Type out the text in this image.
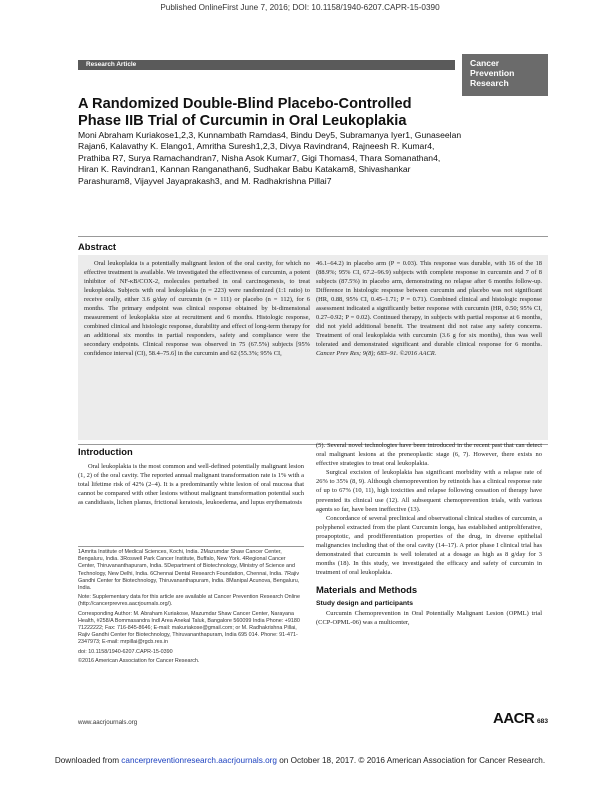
Published OnlineFirst June 7, 2016; DOI: 10.1158/1940-6207.CAPR-15-0390
Research Article	Cancer
Prevention
Research
A Randomized Double-Blind Placebo-Controlled Phase IIB Trial of Curcumin in Oral Leukoplakia
Moni Abraham Kuriakose1,2,3, Kunnambath Ramdas4, Bindu Dey5, Subramanya Iyer1, Gunaseelan Rajan6, Kalavathy K. Elango1, Amritha Suresh1,2,3, Divya Ravindran4, Rajneesh R. Kumar4, Prathiba R7, Surya Ramachandran7, Nisha Asok Kumar7, Gigi Thomas4, Thara Somanathan4, Hiran K. Ravindran1, Kannan Ranganathan6, Sudhakar Babu Katakam8, Shivashankar Parashuram8, Vijayvel Jayaprakash3, and M. Radhakrishna Pillai7
Abstract

Oral leukoplakia is a potentially malignant lesion of the oral cavity, for which no effective treatment is available. We investigated the effectiveness of curcumin, a potent inhibitor of NF-κB/COX-2, molecules perturbed in oral carcinogenesis, to treat leukoplakia. Subjects with oral leukoplakia (n = 223) were randomized (1:1 ratio) to receive orally, either 3.6 g/day of curcumin (n = 111) or placebo (n = 112), for 6 months. The primary endpoint was clinical response obtained by bi-dimensional measurement of leukoplakia size at recruitment and 6 months. Histologic response, combined clinical and histologic response, durability and effect of long-term therapy for an additional six months in partial responders, safety and compliance were the secondary endpoints. Clinical response was observed in 75 (67.5%) subjects [95% confidence interval (CI), 58.4–75.6] in the curcumin and 62 (55.3%; 95% CI,

46.1–64.2) in placebo arm (P = 0.03). This response was durable, with 16 of the 18 (88.9%; 95% CI, 67.2–96.9) subjects with complete response in curcumin and 7 of 8 subjects (87.5%) in placebo arm, demonstrating no relapse after 6 months follow-up. Difference in histologic response between curcumin and placebo was not significant (HR, 0.88, 95% CI, 0.45–1.71; P = 0.71). Combined clinical and histologic response assessment indicated a significantly better response with curcumin (HR, 0.50; 95% CI, 0.27–0.92; P = 0.02). Continued therapy, in subjects with partial response at 6 months, did not yield additional benefit. The treatment did not raise any safety concerns. Treatment of oral leukoplakia with curcumin (3.6 g for six months), thus was well tolerated and demonstrated significant and durable clinical response for 6 months. Cancer Prev Res; 9(8); 683–91. ©2016 AACR.

Introduction

Oral leukoplakia is the most common and well-defined potentially malignant lesion (1, 2) of the oral cavity. The reported annual malignant transformation rate is 1% with a total lifetime risk of 42% (2–4). It is a predominantly white lesion of oral mucosa that cannot be compared with other lesions without malignant transformation potential such as candidiasis, lichen planus, frictional keratosis, leukoedema, and lupus erythematosis

1Amrita Institute of Medical Sciences, Kochi, India. 2Mazumdar Shaw Cancer Center, Bengaluru, India. 3Roswell Park Cancer Institute, Buffalo, New York. 4Regional Cancer Center, Thiruvananthapuram, India. 5Department of Biotechnology, Ministry of Science and Technology, New Delhi, India. 6Chennai Dental Research Foundation, Chennai, India. 7Rajiv Gandhi Center for Biotechnology, Thiruvananthapuram, India. 8Manipal Acunova, Bengaluru, India.

Note: Supplementary data for this article are available at Cancer Prevention Research Online (http://cancerprevres.aacrjournals.org/).

Corresponding Author: M. Abraham Kuriakose, Mazumdar Shaw Cancer Center, Narayana Health, #258/A Bommasandra Indl Area Anekal Taluk, Bangalore 560099 India Phone: +9180 71222222; Fax: 716-845-8646; E-mail: makuriakose@gmail.com; or M. Radhakrishna Pillai, Rajiv Gandhi Center for Biotechnology, Thiruvananthapuram, India 695 014. Phone: 91-471-2347973; E-mail: mrpillai@rgcb.res.in

doi: 10.1158/1940-6207.CAPR-15-0390

©2016 American Association for Cancer Research.

(5). Several novel technologies have been introduced in the recent past that can detect oral malignant lesions at the preneoplastic stage (6, 7). However, there exists no effective strategies to treat oral leukoplakia.

Surgical excision of leukoplakia has significant morbidity with a relapse rate of 26% to 35% (8, 9). Although chemoprevention by retinoids has a clinical response rate of up to 67% (10, 11), high toxicities and relapse following cessation of therapy have prevented its clinical use (12). All subsequent chemoprevention trials, with various agents so far, have been ineffective (13).

Concordance of several preclinical and observational clinical studies of curcumin, a polyphenol extracted from the plant Curcumin longa, has established antiproliferative, proapoptotic, and prodifferentiation properties of the drug, in diverse epithelial malignancies including that of the oral cavity (14–17). A prior phase I clinical trial has demonstrated that curcumin is well tolerated at a dosage as high as 8 g/day for 3 months (18). In this study, we investigated the efficacy and safety of curcumin in treatment of oral leukoplakia.

Materials and Methods
Study design and participants

Curcumin Chemoprevention in Oral Potentially Malignant Lesion (OPML) trial (CCP-OPML-06) was a multicenter,

www.aacrjournals.org	AACR 683
Downloaded from cancerpreventionresearch.aacrjournals.org on October 18, 2017. © 2016 American Association for Cancer Research.
